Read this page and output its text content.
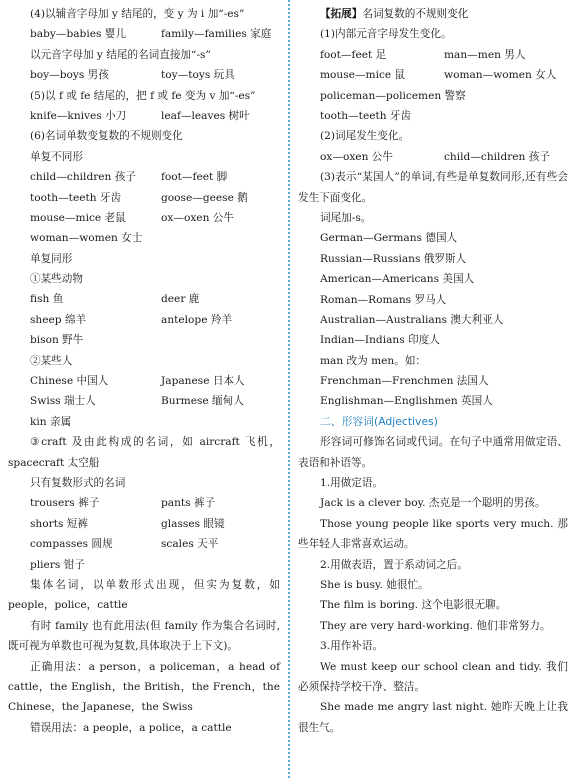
(4)以辅音字母加 y 结尾的，变 y 为 i 加“-es”
baby—babies 婴儿	family—families 家庭
以元音字母加 y 结尾的名词直接加“-s”
boy—boys 男孩	toy—toys 玩具
(5)以 f 或 fe 结尾的，把 f 或 fe 变为 v 加“-es”
knife—knives 小刀	leaf—leaves 树叶
(6)名词单数变复数的不规则变化
单复不同形
child—children 孩子	foot—feet 脚
tooth—teeth 牙齿	goose—geese 鹅
mouse—mice 老鼠	ox—oxen 公牛
woman—women 女士
单复同形
①某些动物
fish 鱼	deer 鹿
sheep 绵羊	antelope 羚羊
bison 野牛
②某些人
Chinese 中国人	Japanese 日本人
Swiss 瑞士人	Burmese 缅甸人
kin 亲属
③craft 及由此构成的名词，如 aircraft 飞机，spacecraft 太空船
只有复数形式的名词
trousers 裤子	pants 裤子
shorts 短裤	glasses 眼镜
compasses 圆规	scales 天平
pliers 钳子
集体名词，以单数形式出现，但实为复数，如 people，police，cattle
有时 family 也有此用法(但 family 作为集合名词时,既可视为单数也可视为复数,具体取决于上下文)。
正确用法：a person，a policeman，a head of cattle，the English，the British，the French，the Chinese，the Japanese，the Swiss
错误用法：a people，a police，a cattle
【拓展】名词复数的不规则变化
(1)内部元音字母发生变化。
foot—feet 足	man—men 男人
mouse—mice 鼠	woman—women 女人
policeman—policemen 警察
tooth—teeth 牙齿
(2)词尾发生变化。
ox—oxen 公牛	child—children 孩子
(3)表示“某国人”的单词,有些是单复数同形,还有些会发生下面变化。
词尾加-s。
German—Germans 德国人
Russian—Russians 俄罗斯人
American—Americans 美国人
Roman—Romans 罗马人
Australian—Australians 澳大利亚人
Indian—Indians 印度人
man 改为 men。如：
Frenchman—Frenchmen 法国人
Englishman—Englishmen 英国人
二、形容词(Adjectives)
形容词可修饰名词或代词。在句子中通常用做定语、表语和补语等。
1.用做定语。
Jack is a clever boy. 杰克是一个聪明的男孩。
Those young people like sports very much. 那些年轻人非常喜欢运动。
2.用做表语，置于系动词之后。
She is busy. 她很忙。
The film is boring. 这个电影很无聊。
They are very hard-working. 他们非常努力。
3.用作补语。
We must keep our school clean and tidy. 我们必须保持学校干净、整洁。
She made me angry last night. 她昨天晚上让我很生气。
